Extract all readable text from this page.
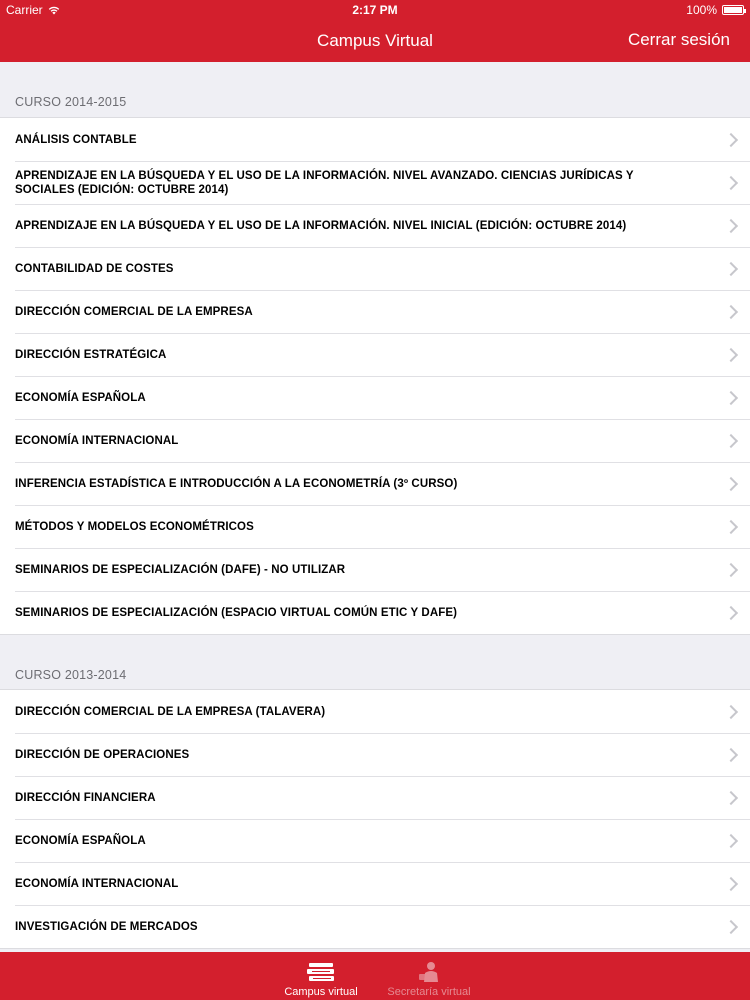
Carrier	2:17 PM	100%
Campus Virtual	Cerrar sesión
CURSO 2014-2015
ANÁLISIS CONTABLE
APRENDIZAJE EN LA BÚSQUEDA Y EL USO DE LA INFORMACIÓN. NIVEL AVANZADO. CIENCIAS JURÍDICAS Y SOCIALES (EDICIÓN: OCTUBRE 2014)
APRENDIZAJE EN LA BÚSQUEDA Y EL USO DE LA INFORMACIÓN. NIVEL INICIAL (EDICIÓN: OCTUBRE 2014)
CONTABILIDAD DE COSTES
DIRECCIÓN COMERCIAL DE LA EMPRESA
DIRECCIÓN ESTRATÉGICA
ECONOMÍA ESPAÑOLA
ECONOMÍA INTERNACIONAL
INFERENCIA ESTADÍSTICA E INTRODUCCIÓN A LA ECONOMETRÍA (3º CURSO)
MÉTODOS Y MODELOS ECONOMÉTRICOS
SEMINARIOS DE ESPECIALIZACIÓN (DAFE) - NO UTILIZAR
SEMINARIOS DE ESPECIALIZACIÓN (ESPACIO VIRTUAL COMÚN ETIC Y DAFE)
CURSO 2013-2014
DIRECCIÓN COMERCIAL DE LA EMPRESA (TALAVERA)
DIRECCIÓN DE OPERACIONES
DIRECCIÓN FINANCIERA
ECONOMÍA ESPAÑOLA
ECONOMÍA INTERNACIONAL
INVESTIGACIÓN DE MERCADOS
Campus virtual	Secretaría virtual
